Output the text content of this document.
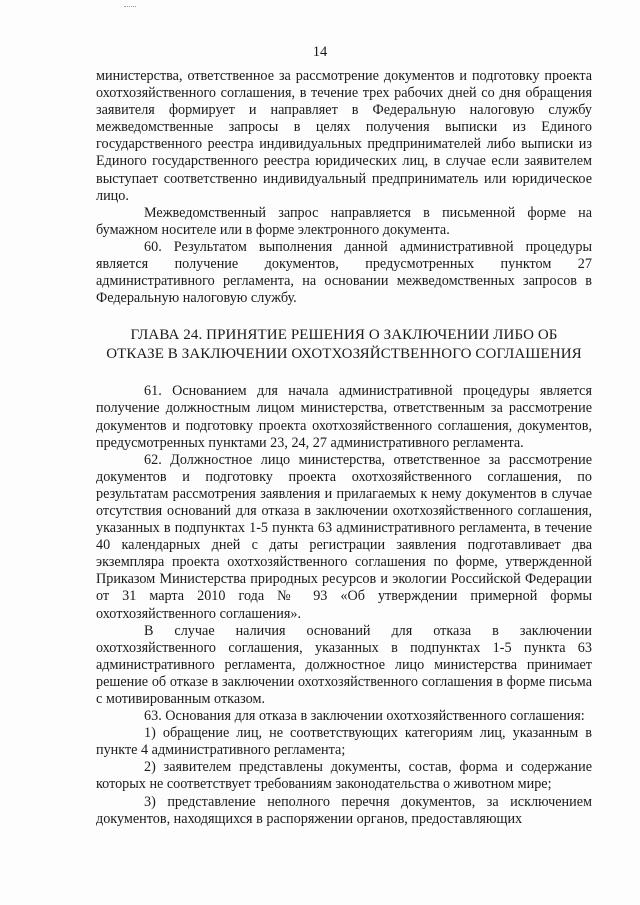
14

министерства, ответственное за рассмотрение документов и подготовку проекта охотхозяйственного соглашения, в течение трех рабочих дней со дня обращения заявителя формирует и направляет в Федеральную налоговую службу межведомственные запросы в целях получения выписки из Единого государственного реестра индивидуальных предпринимателей либо выписки из Единого государственного реестра юридических лиц, в случае если заявителем выступает соответственно индивидуальный предприниматель или юридическое лицо.

Межведомственный запрос направляется в письменной форме на бумажном носителе или в форме электронного документа.

60. Результатом выполнения данной административной процедуры является получение документов, предусмотренных пунктом 27 административного регламента, на основании межведомственных запросов в Федеральную налоговую службу.

ГЛАВА 24. ПРИНЯТИЕ РЕШЕНИЯ О ЗАКЛЮЧЕНИИ ЛИБО ОБ
ОТКАЗЕ В ЗАКЛЮЧЕНИИ ОХОТХОЗЯЙСТВЕННОГО СОГЛАШЕНИЯ

61. Основанием для начала административной процедуры является получение должностным лицом министерства, ответственным за рассмотрение документов и подготовку проекта охотхозяйственного соглашения, документов, предусмотренных пунктами 23, 24, 27 административного регламента.

62. Должностное лицо министерства, ответственное за рассмотрение документов и подготовку проекта охотхозяйственного соглашения, по результатам рассмотрения заявления и прилагаемых к нему документов в случае отсутствия оснований для отказа в заключении охотхозяйственного соглашения, указанных в подпунктах 1-5 пункта 63 административного регламента, в течение 40 календарных дней с даты регистрации заявления подготавливает два экземпляра проекта охотхозяйственного соглашения по форме, утвержденной Приказом Министерства природных ресурсов и экологии Российской Федерации от 31 марта 2010 года № 93 «Об утверждении примерной формы охотхозяйственного соглашения».

В случае наличия оснований для отказа в заключении охотхозяйственного соглашения, указанных в подпунктах 1-5 пункта 63 административного регламента, должностное лицо министерства принимает решение об отказе в заключении охотхозяйственного соглашения в форме письма с мотивированным отказом.

63. Основания для отказа в заключении охотхозяйственного соглашения:

1) обращение лиц, не соответствующих категориям лиц, указанным в пункте 4 административного регламента;

2) заявителем представлены документы, состав, форма и содержание которых не соответствует требованиям законодательства о животном мире;

3) представление неполного перечня документов, за исключением документов, находящихся в распоряжении органов, предоставляющих
